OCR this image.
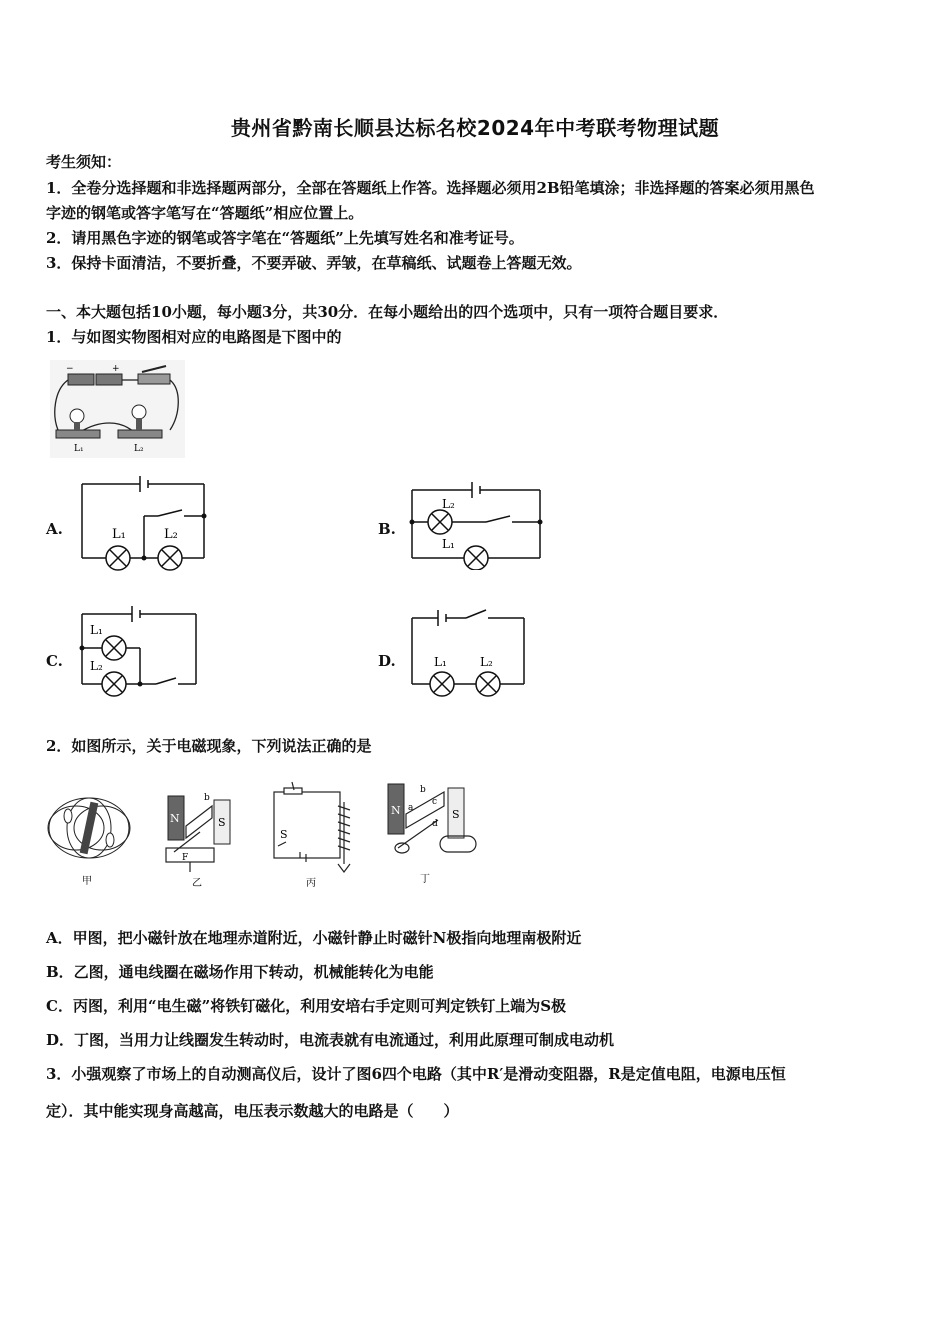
贵州省黔南长顺县达标名校2024年中考联考物理试题
考生须知：
1．全卷分选择题和非选择题两部分，全部在答题纸上作答。选择题必须用2B铅笔填涂；非选择题的答案必须用黑色
字迹的钢笔或答字笔写在“答题纸”相应位置上。
2．请用黑色字迹的钢笔或答字笔在“答题纸”上先填写姓名和准考证号。
3．保持卡面清洁，不要折叠，不要弄破、弄皱，在草稿纸、试题卷上答题无效。
一、本大题包括10小题，每小题3分，共30分．在每小题给出的四个选项中，只有一项符合题目要求．
1．与如图实物图相对应的电路图是下图中的
−	+
L₁	L₂
A.	L₁	L₂	B.
L₂
L₁
C.
L₁
L₂	D.	L₁	L₂
2．如图所示，关于电磁现象，下列说法正确的是
甲
N	S
b
F
乙
S
丙
N	S
a
b
c
d
丁
A．甲图，把小磁针放在地理赤道附近，小磁针静止时磁针N极指向地理南极附近
B．乙图，通电线圈在磁场作用下转动，机械能转化为电能
C．丙图，利用“电生磁”将铁钉磁化，利用安培右手定则可判定铁钉上端为S极
D．丁图，当用力让线圈发生转动时，电流表就有电流通过，利用此原理可制成电动机
3．小强观察了市场上的自动测高仪后，设计了图6四个电路（其中R′是滑动变阻器，R是定值电阻，电源电压恒
定）．其中能实现身高越高，电压表示数越大的电路是（　　）
